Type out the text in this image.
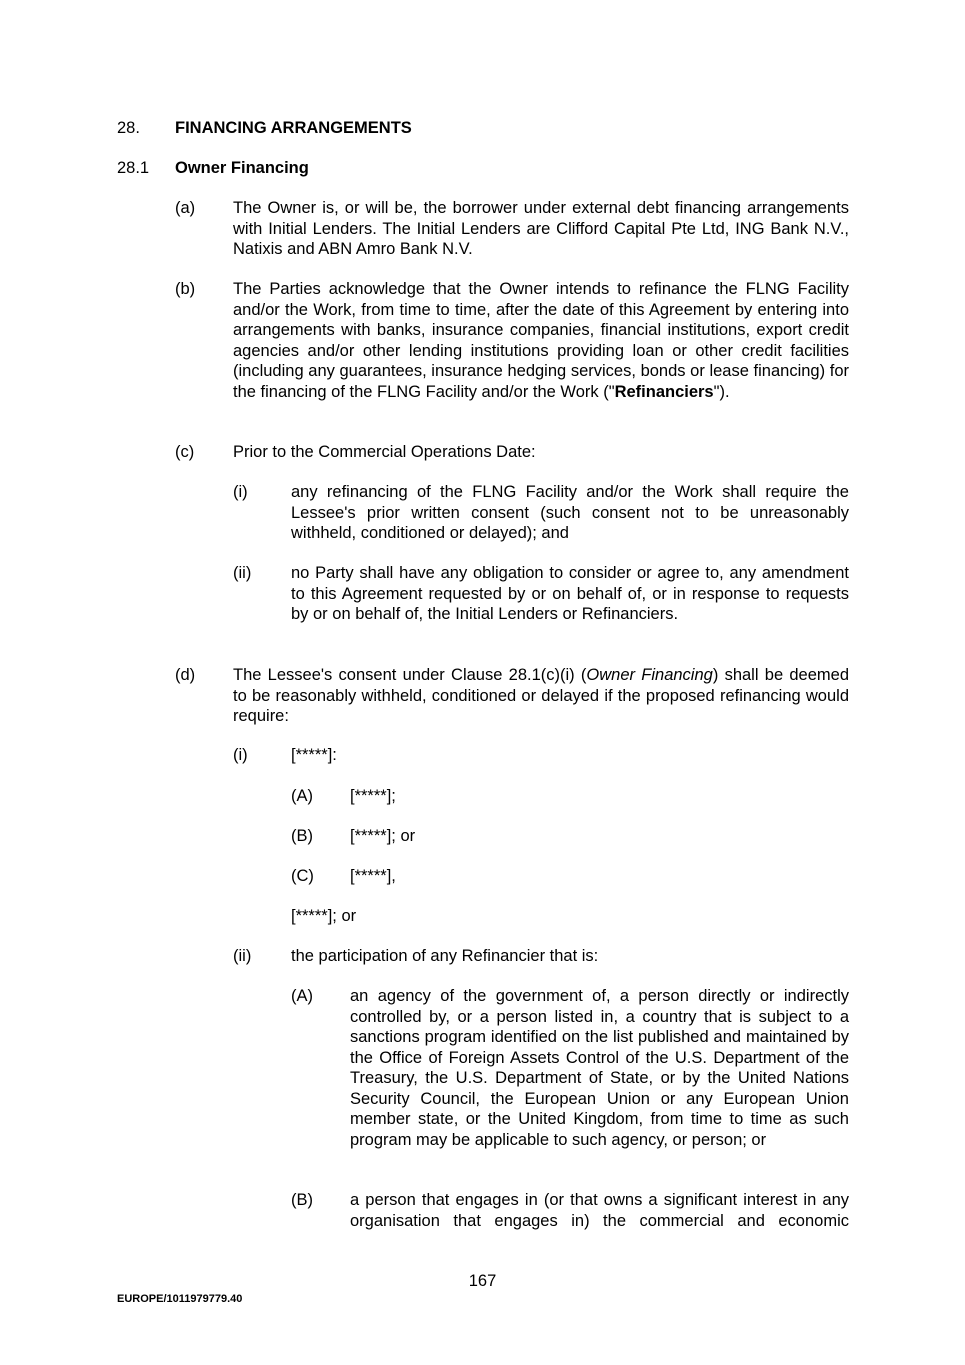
28. FINANCING ARRANGEMENTS
28.1 Owner Financing
(a) The Owner is, or will be, the borrower under external debt financing arrangements with Initial Lenders. The Initial Lenders are Clifford Capital Pte Ltd, ING Bank N.V., Natixis and ABN Amro Bank N.V.
(b) The Parties acknowledge that the Owner intends to refinance the FLNG Facility and/or the Work, from time to time, after the date of this Agreement by entering into arrangements with banks, insurance companies, financial institutions, export credit agencies and/or other lending institutions providing loan or other credit facilities (including any guarantees, insurance hedging services, bonds or lease financing) for the financing of the FLNG Facility and/or the Work ("Refinanciers").
(c) Prior to the Commercial Operations Date:
(i)	any refinancing of the FLNG Facility and/or the Work shall require the Lessee's prior written consent (such consent not to be unreasonably withheld, conditioned or delayed); and
(ii) no Party shall have any obligation to consider or agree to, any amendment to this Agreement requested by or on behalf of, or in response to requests by or on behalf of, the Initial Lenders or Refinanciers.
(d) The Lessee's consent under Clause 28.1(c)(i) (Owner Financing) shall be deemed to be reasonably withheld, conditioned or delayed if the proposed refinancing would require:
(i)	[*****]:
(A) [*****];
(B) [*****]; or
(C) [*****],
[*****]; or
(ii) the participation of any Refinancier that is:
(A) an agency of the government of, a person directly or indirectly controlled by, or a person listed in, a country that is subject to a sanctions program identified on the list published and maintained by the Office of Foreign Assets Control of the U.S. Department of the Treasury, the U.S. Department of State, or by the United Nations Security Council, the European Union or any European Union member state, or the United Kingdom, from time to time as such program may be applicable to such agency, or person; or
(B) a person that engages in (or that owns a significant interest in any organisation that engages in) the commercial and economic
167
EUROPE/1011979779.40
